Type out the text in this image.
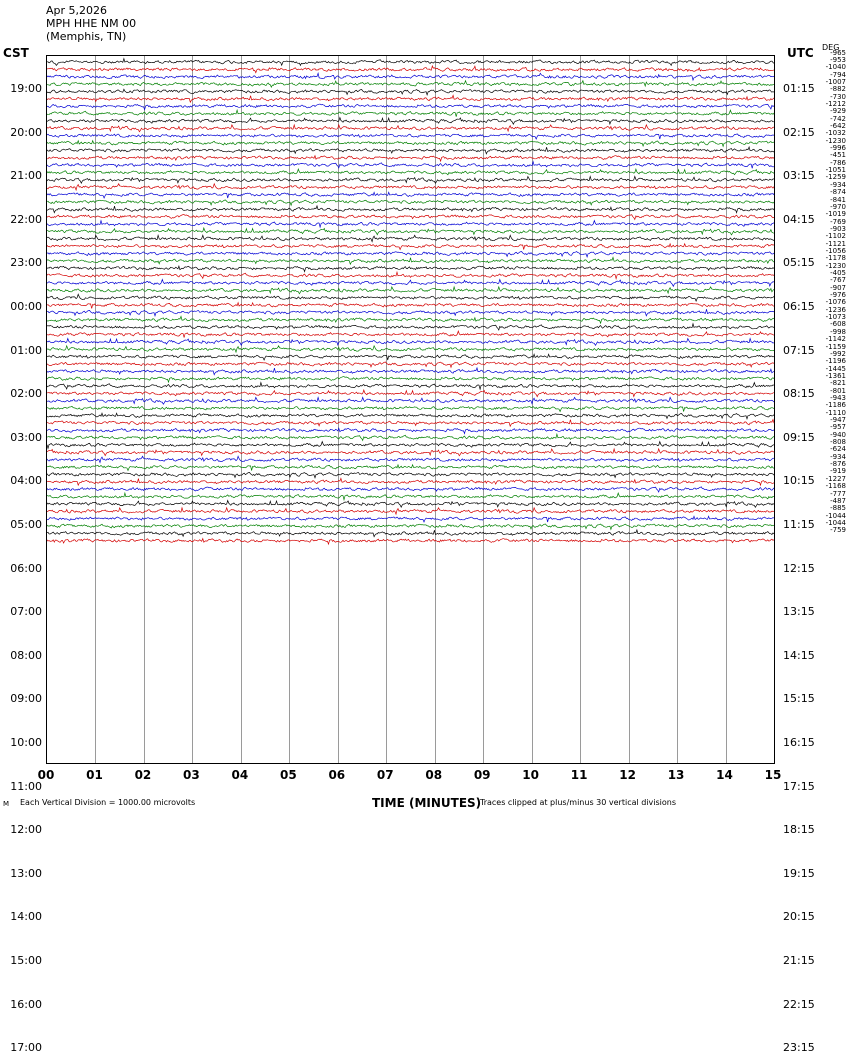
Apr 5,2026
MPH HHE NM 00
(Memphis, TN)
CST	UTC DEG
19:00
20:00
21:00
22:00
23:00
00:00
01:00
02:00
03:00
04:00
05:00
06:00
07:00
08:00
09:00
10:00
11:00
12:00
13:00
14:00
15:00
16:00
17:00
01:15
02:15
03:15
04:15
05:15
06:15
07:15
08:15
09:15
10:15
11:15
12:15
13:15
14:15
15:15
16:15
17:15
18:15
19:15
20:15
21:15
22:15
23:15
-965
-953
-1040
-794
-1007
-882
-730
-1212
-929
-742
-642
-1032
-1230
-996
-451
-786
-1051
-1259
-934
-874
-841
-970
-1019
-769
-903
-1102
-1121
-1056
-1178
-1230
-405
-767
-907
-976
-1076
-1236
-1073
-608
-998
-1142
-1159
-992
-1196
-1445
-1361
-821
-801
-943
-1186
-1110
-947
-957
-940
-808
-624
-934
-876
-919
-1227
-1168
-777
-487
-885
-1044
-1044
-759
00	01	02	03	04	05	06	07	08	09	10	11	12	13	14	15
TIME (MINUTES)
Each Vertical Division = 1000.00 microvolts	Traces clipped at plus/minus 30 vertical divisions
M
